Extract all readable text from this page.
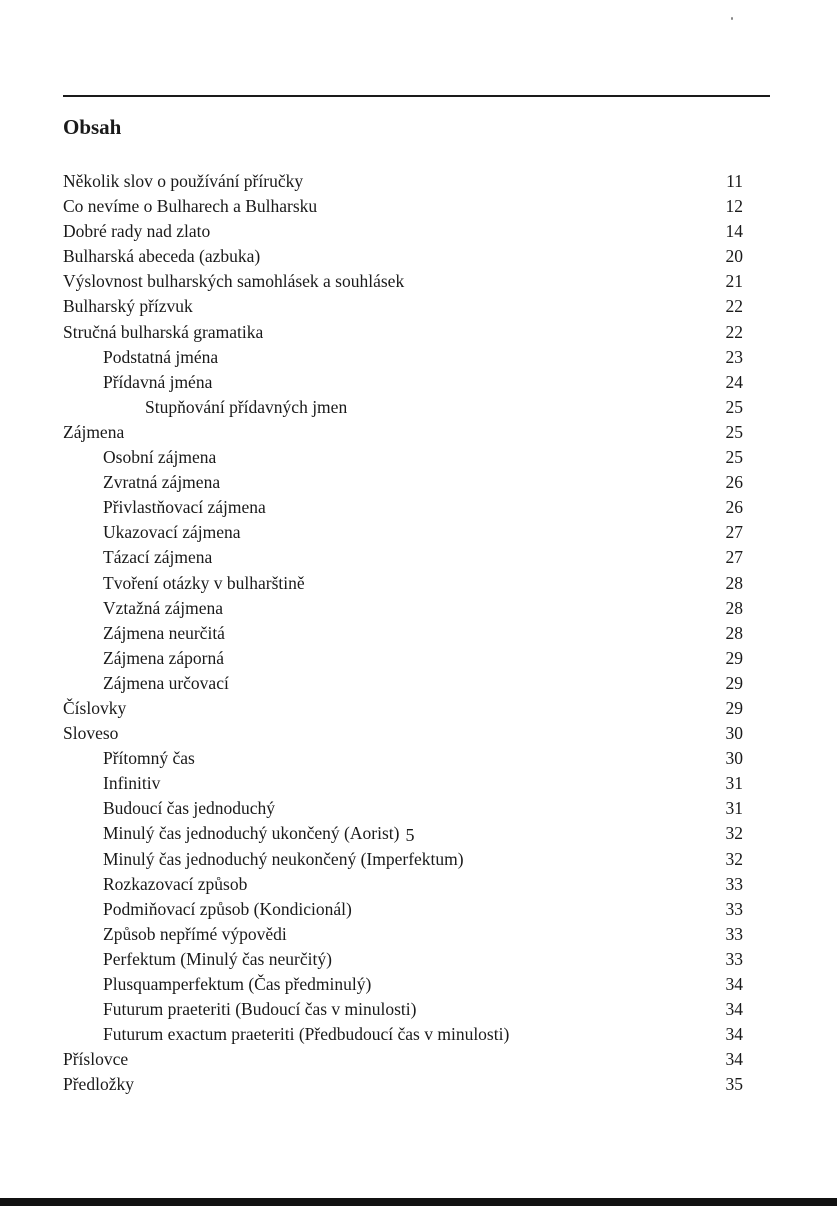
Obsah
Několik slov o používání příručky	11
Co nevíme o Bulharech a Bulharsku	12
Dobré rady nad zlato	14
Bulharská abeceda (azbuka)	20
Výslovnost bulharských samohlásek a souhlásek	21
Bulharský přízvuk	22
Stručná bulharská gramatika	22
Podstatná jména	23
Přídavná jména	24
Stupňování přídavných jmen	25
Zájmena	25
Osobní zájmena	25
Zvratná zájmena	26
Přivlastňovací zájmena	26
Ukazovací zájmena	27
Tázací zájmena	27
Tvoření otázky v bulharštině	28
Vztažná zájmena	28
Zájmena neurčitá	28
Zájmena záporná	29
Zájmena určovací	29
Číslovky	29
Sloveso	30
Přítomný čas	30
Infinitiv	31
Budoucí čas jednoduchý	31
Minulý čas jednoduchý ukončený (Aorist)	32
Minulý čas jednoduchý neukončený (Imperfektum)	32
Rozkazovací způsob	33
Podmiňovací způsob (Kondicionál)	33
Způsob nepřímé výpovědi	33
Perfektum (Minulý čas neurčitý)	33
Plusquamperfektum (Čas předminulý)	34
Futurum praeteriti (Budoucí čas v minulosti)	34
Futurum exactum praeteriti (Předbudoucí čas v minulosti)	34
Příslovce	34
Předložky	35
5
